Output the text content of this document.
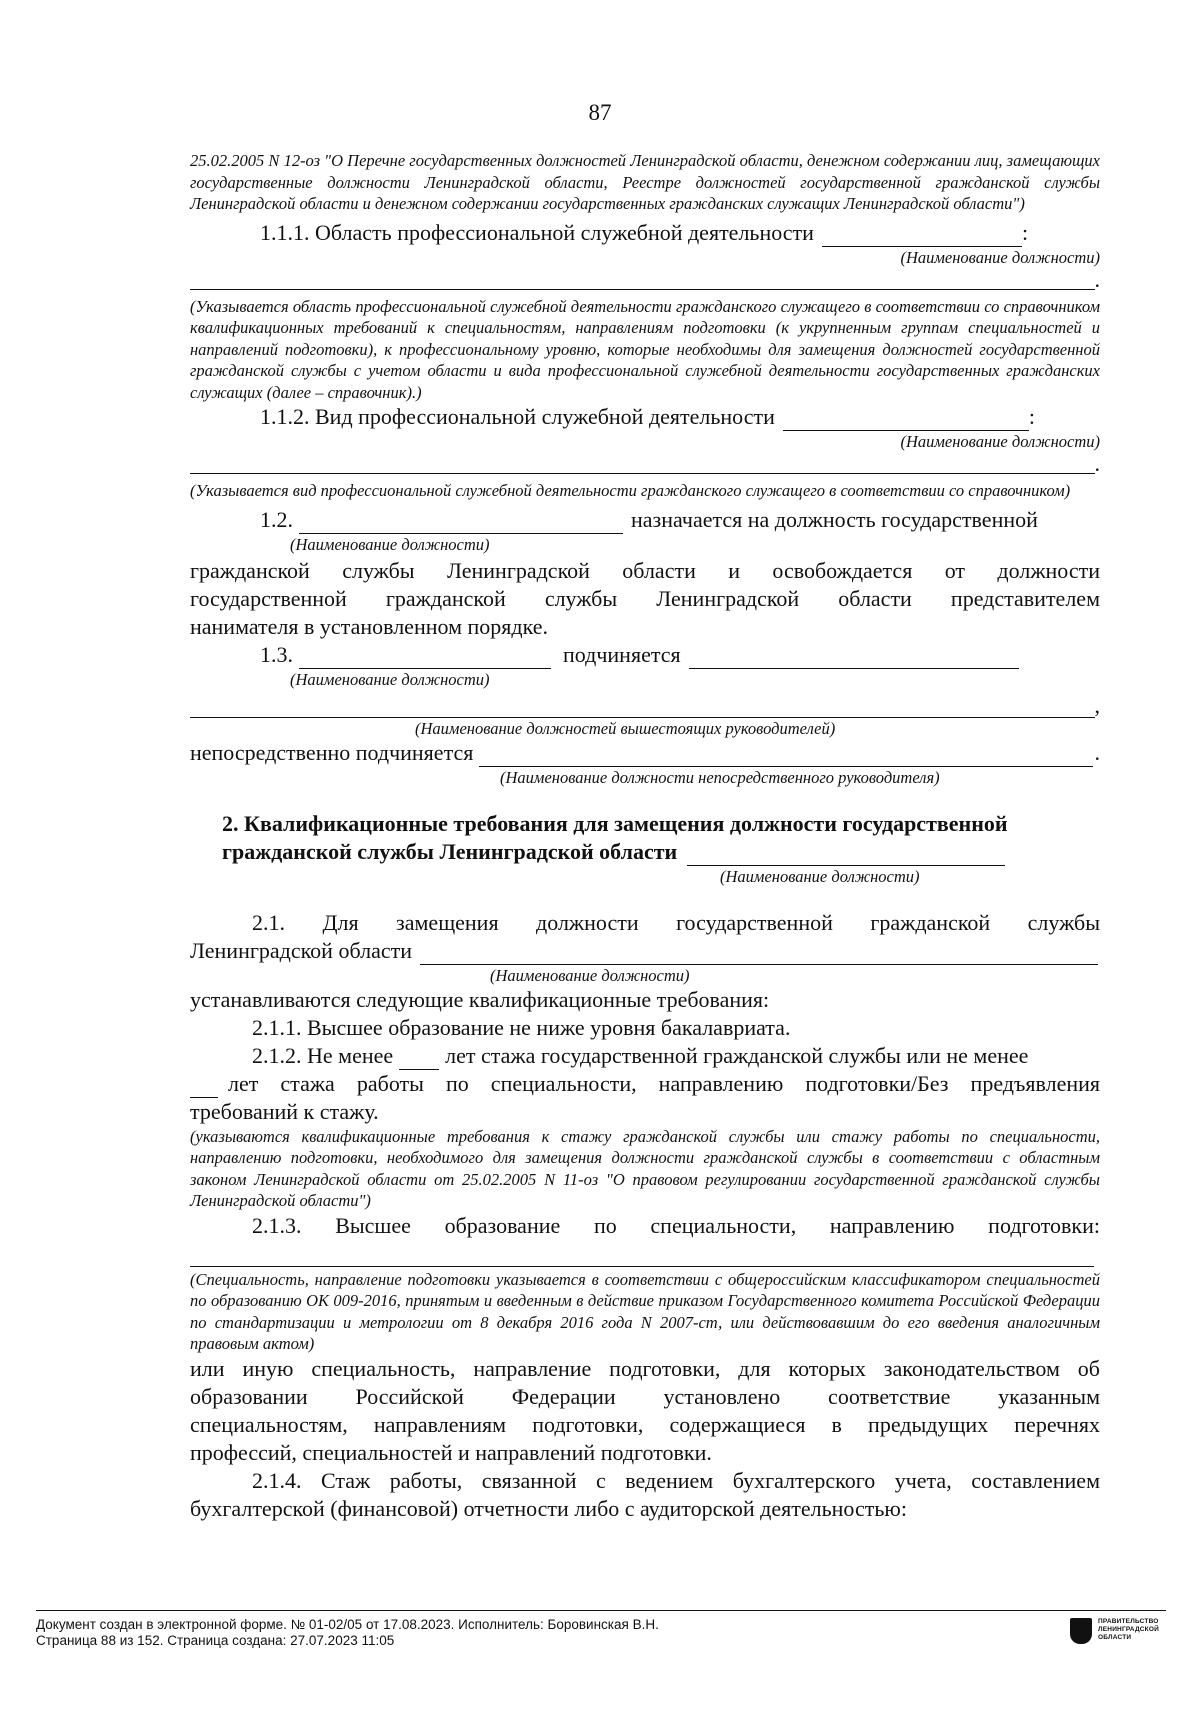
87
25.02.2005 N 12-оз "О Перечне государственных должностей Ленинградской области, денежном содержании лиц, замещающих государственные должности Ленинградской области, Реестре должностей государственной гражданской службы Ленинградской области и денежном содержании государственных гражданских служащих Ленинградской области")
1.1.1. Область профессиональной служебной деятельности	:
(Наименование должности)
.
(Указывается область профессиональной служебной деятельности гражданского служащего в соответствии со справочником квалификационных требований к специальностям, направлениям подготовки (к укрупненным группам специальностей и направлений подготовки), к профессиональному уровню, которые необходимы для замещения должностей государственной гражданской службы с учетом области и вида профессиональной служебной деятельности государственных гражданских служащих (далее – справочник).)
1.1.2. Вид профессиональной служебной деятельности	:
(Наименование должности)
.
(Указывается вид профессиональной служебной деятельности гражданского служащего в соответствии со справочником)
1.2.	назначается на должность государственной
(Наименование должности)
гражданской службы Ленинградской области и освобождается от должности
государственной гражданской службы Ленинградской области представителем
нанимателя в установленном порядке.
1.3.	подчиняется
(Наименование должности)
,
(Наименование должностей вышестоящих руководителей)
непосредственно подчиняется	.
(Наименование должности непосредственного руководителя)
2. Квалификационные требования для замещения должности государственной
гражданской службы Ленинградской области
(Наименование должности)
2.1. Для замещения должности государственной гражданской службы
Ленинградской области
(Наименование должности)
устанавливаются следующие квалификационные требования:
2.1.1. Высшее образование не ниже уровня бакалавриата.
2.1.2. Не менее лет стажа государственной гражданской службы или не менее
лет стажа работы по специальности, направлению подготовки/Без предъявления
требований к стажу.
(указываются квалификационные требования к стажу гражданской службы или стажу работы по специальности, направлению подготовки, необходимого для замещения должности гражданской службы в соответствии с областным законом Ленинградской области от 25.02.2005 N 11-оз "О правовом регулировании государственной гражданской службы Ленинградской области")
2.1.3. Высшее образование по специальности, направлению подготовки:
(Специальность, направление подготовки указывается в соответствии с общероссийским классификатором специальностей по образованию ОК 009-2016, принятым и введенным в действие приказом Государственного комитета Российской Федерации по стандартизации и метрологии от 8 декабря 2016 года N 2007-ст, или действовавшим до его введения аналогичным правовым актом)
или иную специальность, направление подготовки, для которых законодательством об
образовании Российской Федерации установлено соответствие указанным
специальностям, направлениям подготовки, содержащиеся в предыдущих перечнях
профессий, специальностей и направлений подготовки.
2.1.4. Стаж работы, связанной с ведением бухгалтерского учета, составлением
бухгалтерской (финансовой) отчетности либо с аудиторской деятельностью:
Документ создан в электронной форме. № 01-02/05 от 17.08.2023. Исполнитель: Боровинская В.Н.
Страница 88 из 152. Страница создана: 27.07.2023 11:05
ПРАВИТЕЛЬСТВО ЛЕНИНГРАДСКОЙ ОБЛАСТИ
